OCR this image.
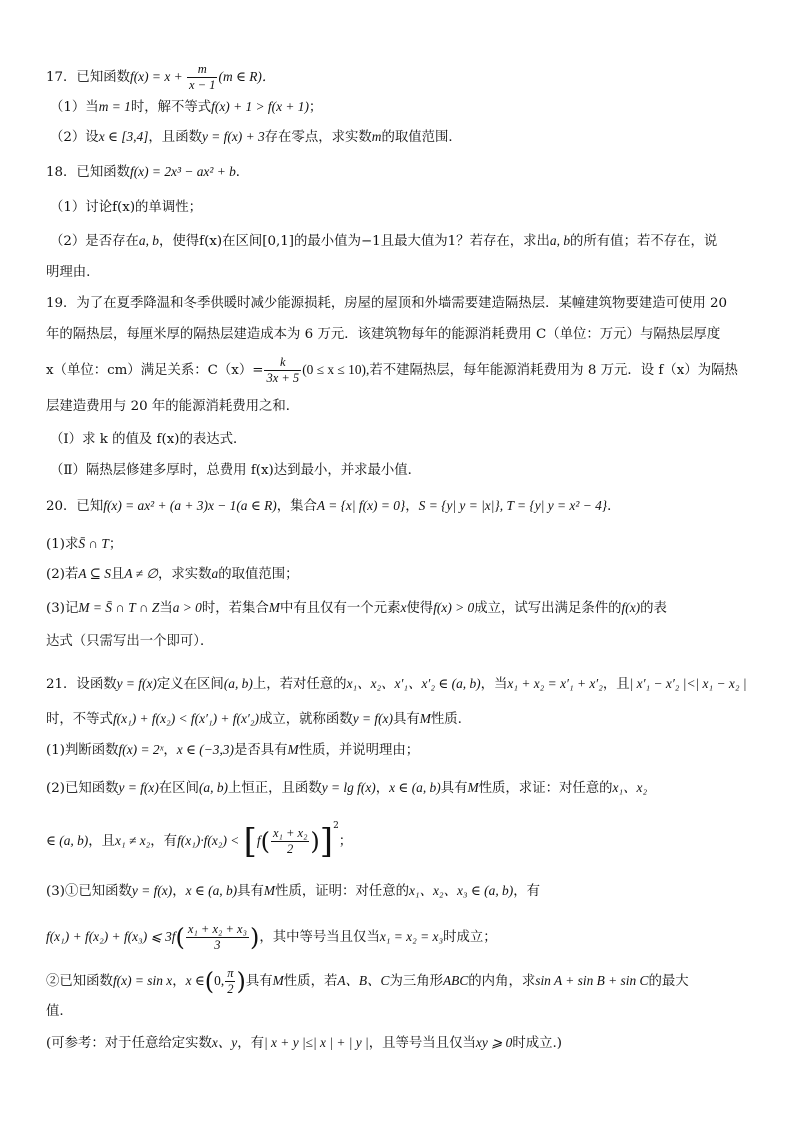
17．已知函数$f(x) = x + \frac{m}{x - 1} (m$ ∈ R)．
（1）当m = 1时，解不等式f(x) + 1 > f(x + 1)；
（2）设x ∈ [3,4]，且函数y = f(x) + 3存在零点，求实数m的取值范围．
18．已知函数f(x) = 2x³ − ax² + b．
（1）讨论f(x)的单调性；
（2）是否存在a, b，使得f(x)在区间[0,1]的最小值为−1且最大值为1？若存在，求出a, b的所有值；若不存在，说
明理由.
19．为了在夏季降温和冬季供暖时减少能源损耗，房屋的屋顶和外墙需要建造隔热层．某幢建筑物要建造可使用 20
年的隔热层，每厘米厚的隔热层建造成本为 6 万元．该建筑物每年的能源消耗费用 C（单位：万元）与隔热层厚度
x（单位：cm）满足关系：$C(x)= \frac{k}{3x + 5} (0 \le x \le 10)$,若不建隔热层，每年能源消耗费用为 8 万元．设 f（x）为隔热
层建造费用与 20 年的能源消耗费用之和．
（Ⅰ）求 k 的值及 f(x)的表达式．
（Ⅱ）隔热层修建多厚时，总费用 f(x)达到最小，并求最小值．
20．已知f(x) = ax² + (a + 3)x − 1(a ∈ R)，集合A = {x| f(x) = 0}，S = {y| y = |x|}, T = {y| y = x² − 4}．
(1)求S̄ ∩ T；
(2)若A ⊆ S且A ≠ ∅，求实数a的取值范围；
(3)记M = S̄ ∩ T ∩ Z当a > 0时，若集合M中有且仅有一个元素x使得f(x) > 0成立，试写出满足条件的f(x)的表
达式（只需写出一个即可）．
21．设函数y = f(x)定义在区间(a, b)上，若对任意的x₁、x₂、x′₁、x′₂ ∈ (a, b)，当x₁ + x₂ = x′₁ + x′₂，且| x′₁ − x′₂ |<| x₁ − x₂ |
时，不等式f(x₁) + f(x₂) < f(x′₁) + f(x′₂)成立，就称函数y = f(x)具有M性质.
(1)判断函数f(x) = 2ˣ，x ∈ (−3,3)是否具有M性质，并说明理由；
(2)已知函数y = f(x)在区间(a, b)上恒正，且函数y = lg f(x)，x ∈ (a, b)具有M性质，求证：对任意的x₁、x₂
∈ (a, b)，且x₁ ≠ x₂，有$f(x_1)\cdot f(x_2) < [f( \frac{\text{x₁ + x₂}}{2} )]^2$；
(3)①已知函数y = f(x)，x ∈ (a, b)具有M性质，证明：对任意的x₁、x₂、x₃ ∈ (a, b)，有
f(x₁) + f(x₂) + f(x₃) ⩽ $3f( \frac{\text{x₁ + x₂ + x₃}}{3}$ )，其中等号当且仅当x₁ = x₂ = x₃时成立；
②已知函数f(x) = sin x，x ∈(0, $\frac{\pi}{2}$ )具有M性质，若A、B、C为三角形ABC的内角，求sin A + sin B + sin C的最大
值.
(可参考：对于任意给定实数x、y，有| x + y |≤| x | + | y |，且等号当且仅当xy ⩾ 0时成立.)
